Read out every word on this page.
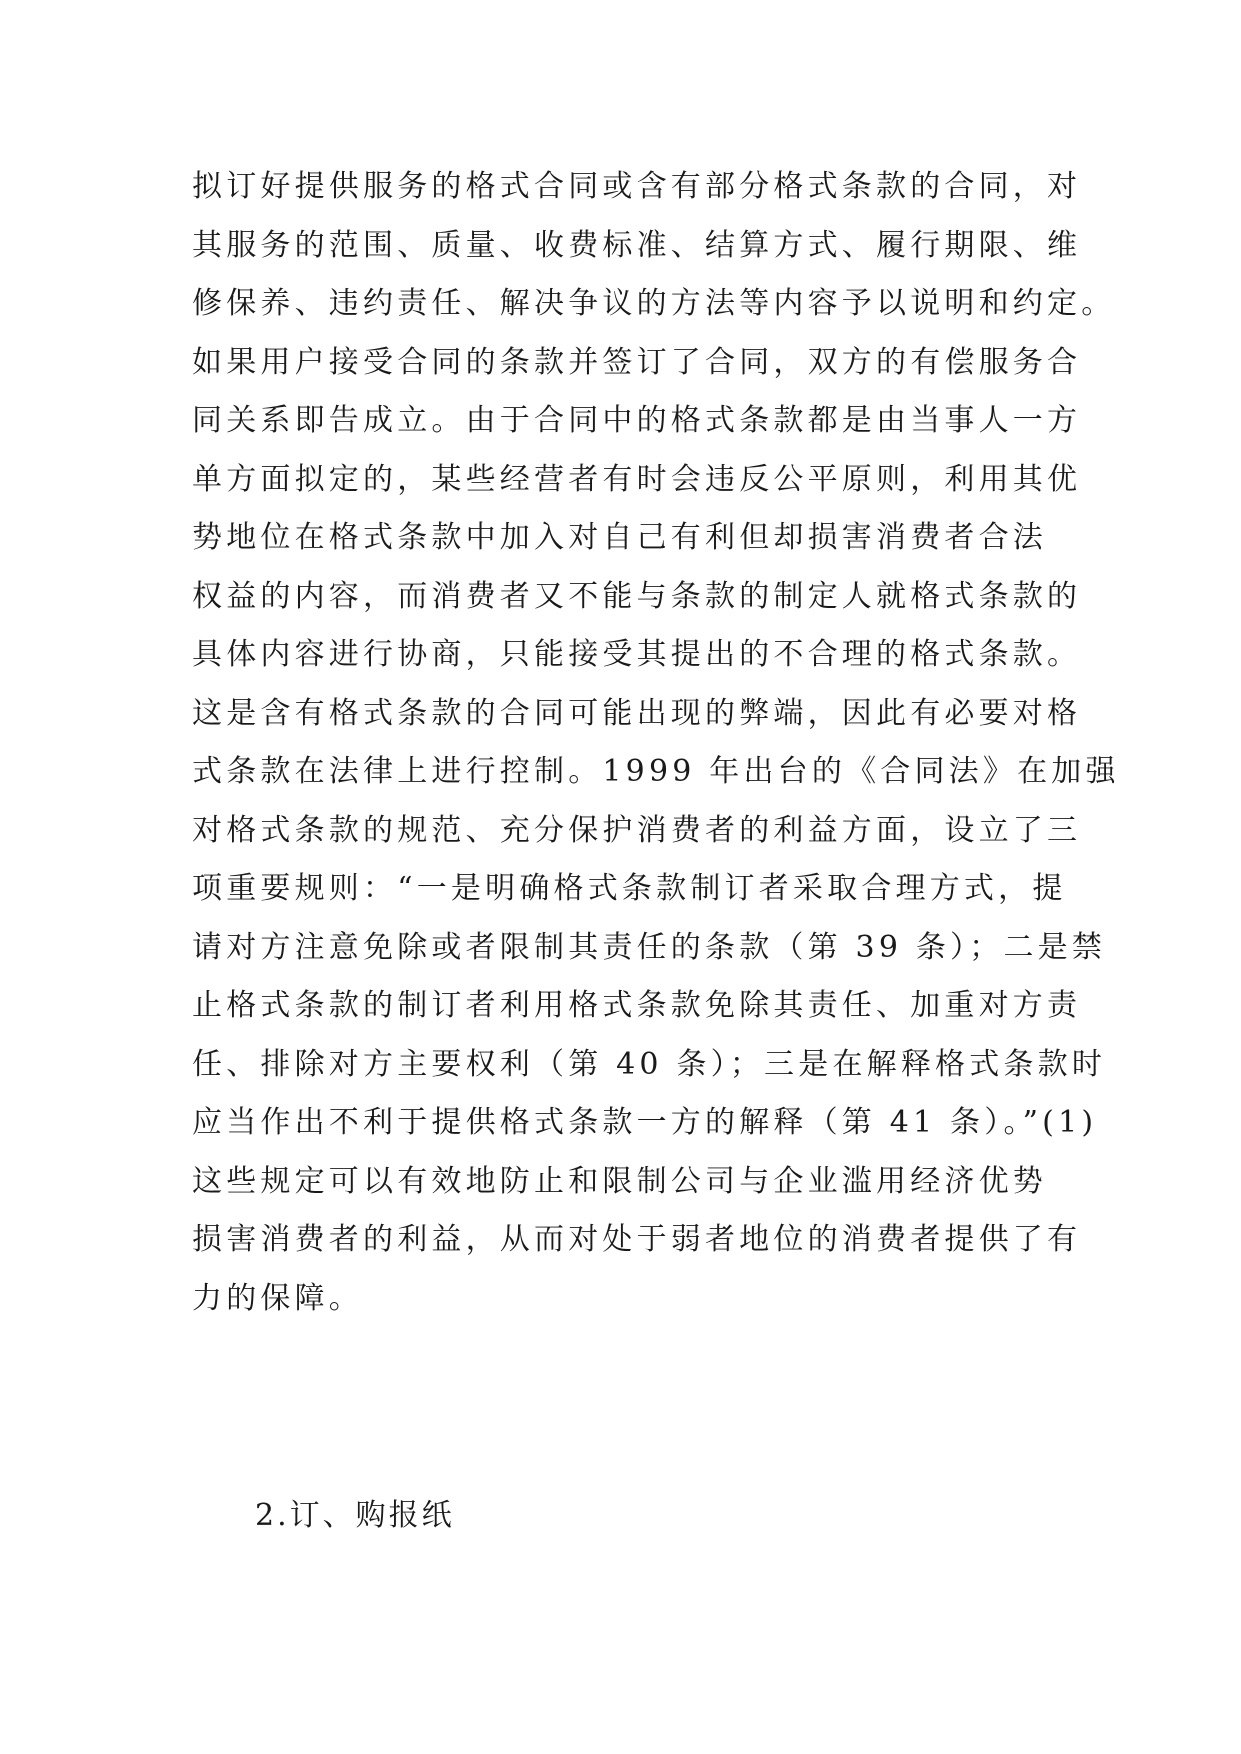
拟订好提供服务的格式合同或含有部分格式条款的合同，对
其服务的范围、质量、收费标准、结算方式、履行期限、维
修保养、违约责任、解决争议的方法等内容予以说明和约定。
如果用户接受合同的条款并签订了合同，双方的有偿服务合
同关系即告成立。由于合同中的格式条款都是由当事人一方
单方面拟定的，某些经营者有时会违反公平原则，利用其优
势地位在格式条款中加入对自己有利但却损害消费者合法
权益的内容，而消费者又不能与条款的制定人就格式条款的
具体内容进行协商，只能接受其提出的不合理的格式条款。
这是含有格式条款的合同可能出现的弊端，因此有必要对格
式条款在法律上进行控制。1999 年出台的《合同法》在加强
对格式条款的规范、充分保护消费者的利益方面，设立了三
项重要规则：“一是明确格式条款制订者采取合理方式，提
请对方注意免除或者限制其责任的条款（第 39 条）；二是禁
止格式条款的制订者利用格式条款免除其责任、加重对方责
任、排除对方主要权利（第 40 条）；三是在解释格式条款时
应当作出不利于提供格式条款一方的解释（第 41 条）。”(1)
这些规定可以有效地防止和限制公司与企业滥用经济优势
损害消费者的利益，从而对处于弱者地位的消费者提供了有
力的保障。
2.订、购报纸
